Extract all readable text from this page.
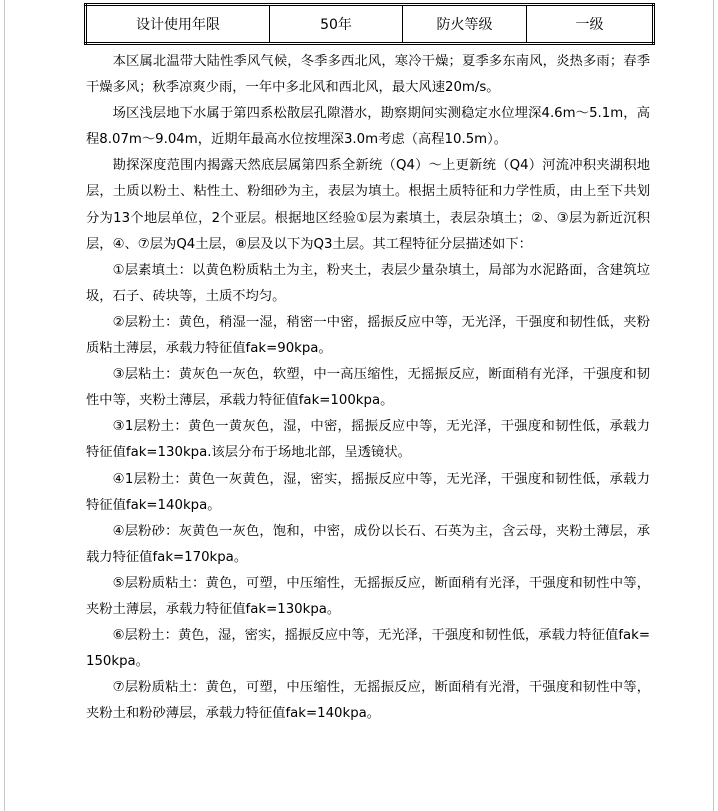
设计使用年限	50年	防火等级	一级

本区属北温带大陆性季风气候，冬季多西北风，寒冷干燥；夏季多东南风，炎热多雨；春季干燥多风；秋季凉爽少雨，一年中多北风和西北风，最大风速20m/s。

场区浅层地下水属于第四系松散层孔隙潜水，勘察期间实测稳定水位埋深4.6m～5.1m，高程8.07m～9.04m，近期年最高水位按埋深3.0m考虑（高程10.5m）。

勘探深度范围内揭露天然底层属第四系全新统（Q4）～上更新统（Q4）河流冲积夹湖积地层，土质以粉土、粘性土、粉细砂为主，表层为填土。根据土质特征和力学性质，由上至下共划分为13个地层单位，2个亚层。根据地区经验①层为素填土，表层杂填土；②、③层为新近沉积层，④、⑦层为Q4土层，⑧层及以下为Q3土层。其工程特征分层描述如下：

①层素填土：以黄色粉质粘土为主，粉夹土，表层少量杂填土，局部为水泥路面，含建筑垃圾，石子、砖块等，土质不均匀。

②层粉土：黄色，稍湿一湿，稍密一中密，摇振反应中等，无光泽，干强度和韧性低，夹粉质粘土薄层，承载力特征值fak=90kpa。

③层粘土：黄灰色一灰色，软塑，中一高压缩性，无摇振反应，断面稍有光泽，干强度和韧性中等，夹粉土薄层，承载力特征值fak=100kpa。

③1层粉土：黄色一黄灰色，湿，中密，摇振反应中等，无光泽，干强度和韧性低，承载力特征值fak=130kpa.该层分布于场地北部，呈透镜状。

④1层粉土：黄色一灰黄色，湿，密实，摇振反应中等，无光泽，干强度和韧性低，承载力特征值fak=140kpa。

④层粉砂：灰黄色一灰色，饱和，中密，成份以长石、石英为主，含云母，夹粉土薄层，承载力特征值fak=170kpa。

⑤层粉质粘土：黄色，可塑，中压缩性，无摇振反应，断面稍有光泽，干强度和韧性中等，夹粉土薄层，承载力特征值fak=130kpa。

⑥层粉土：黄色，湿，密实，摇振反应中等，无光泽，干强度和韧性低，承载力特征值fak=150kpa。

⑦层粉质粘土：黄色，可塑，中压缩性，无摇振反应，断面稍有光滑，干强度和韧性中等，夹粉土和粉砂薄层，承载力特征值fak=140kpa。
